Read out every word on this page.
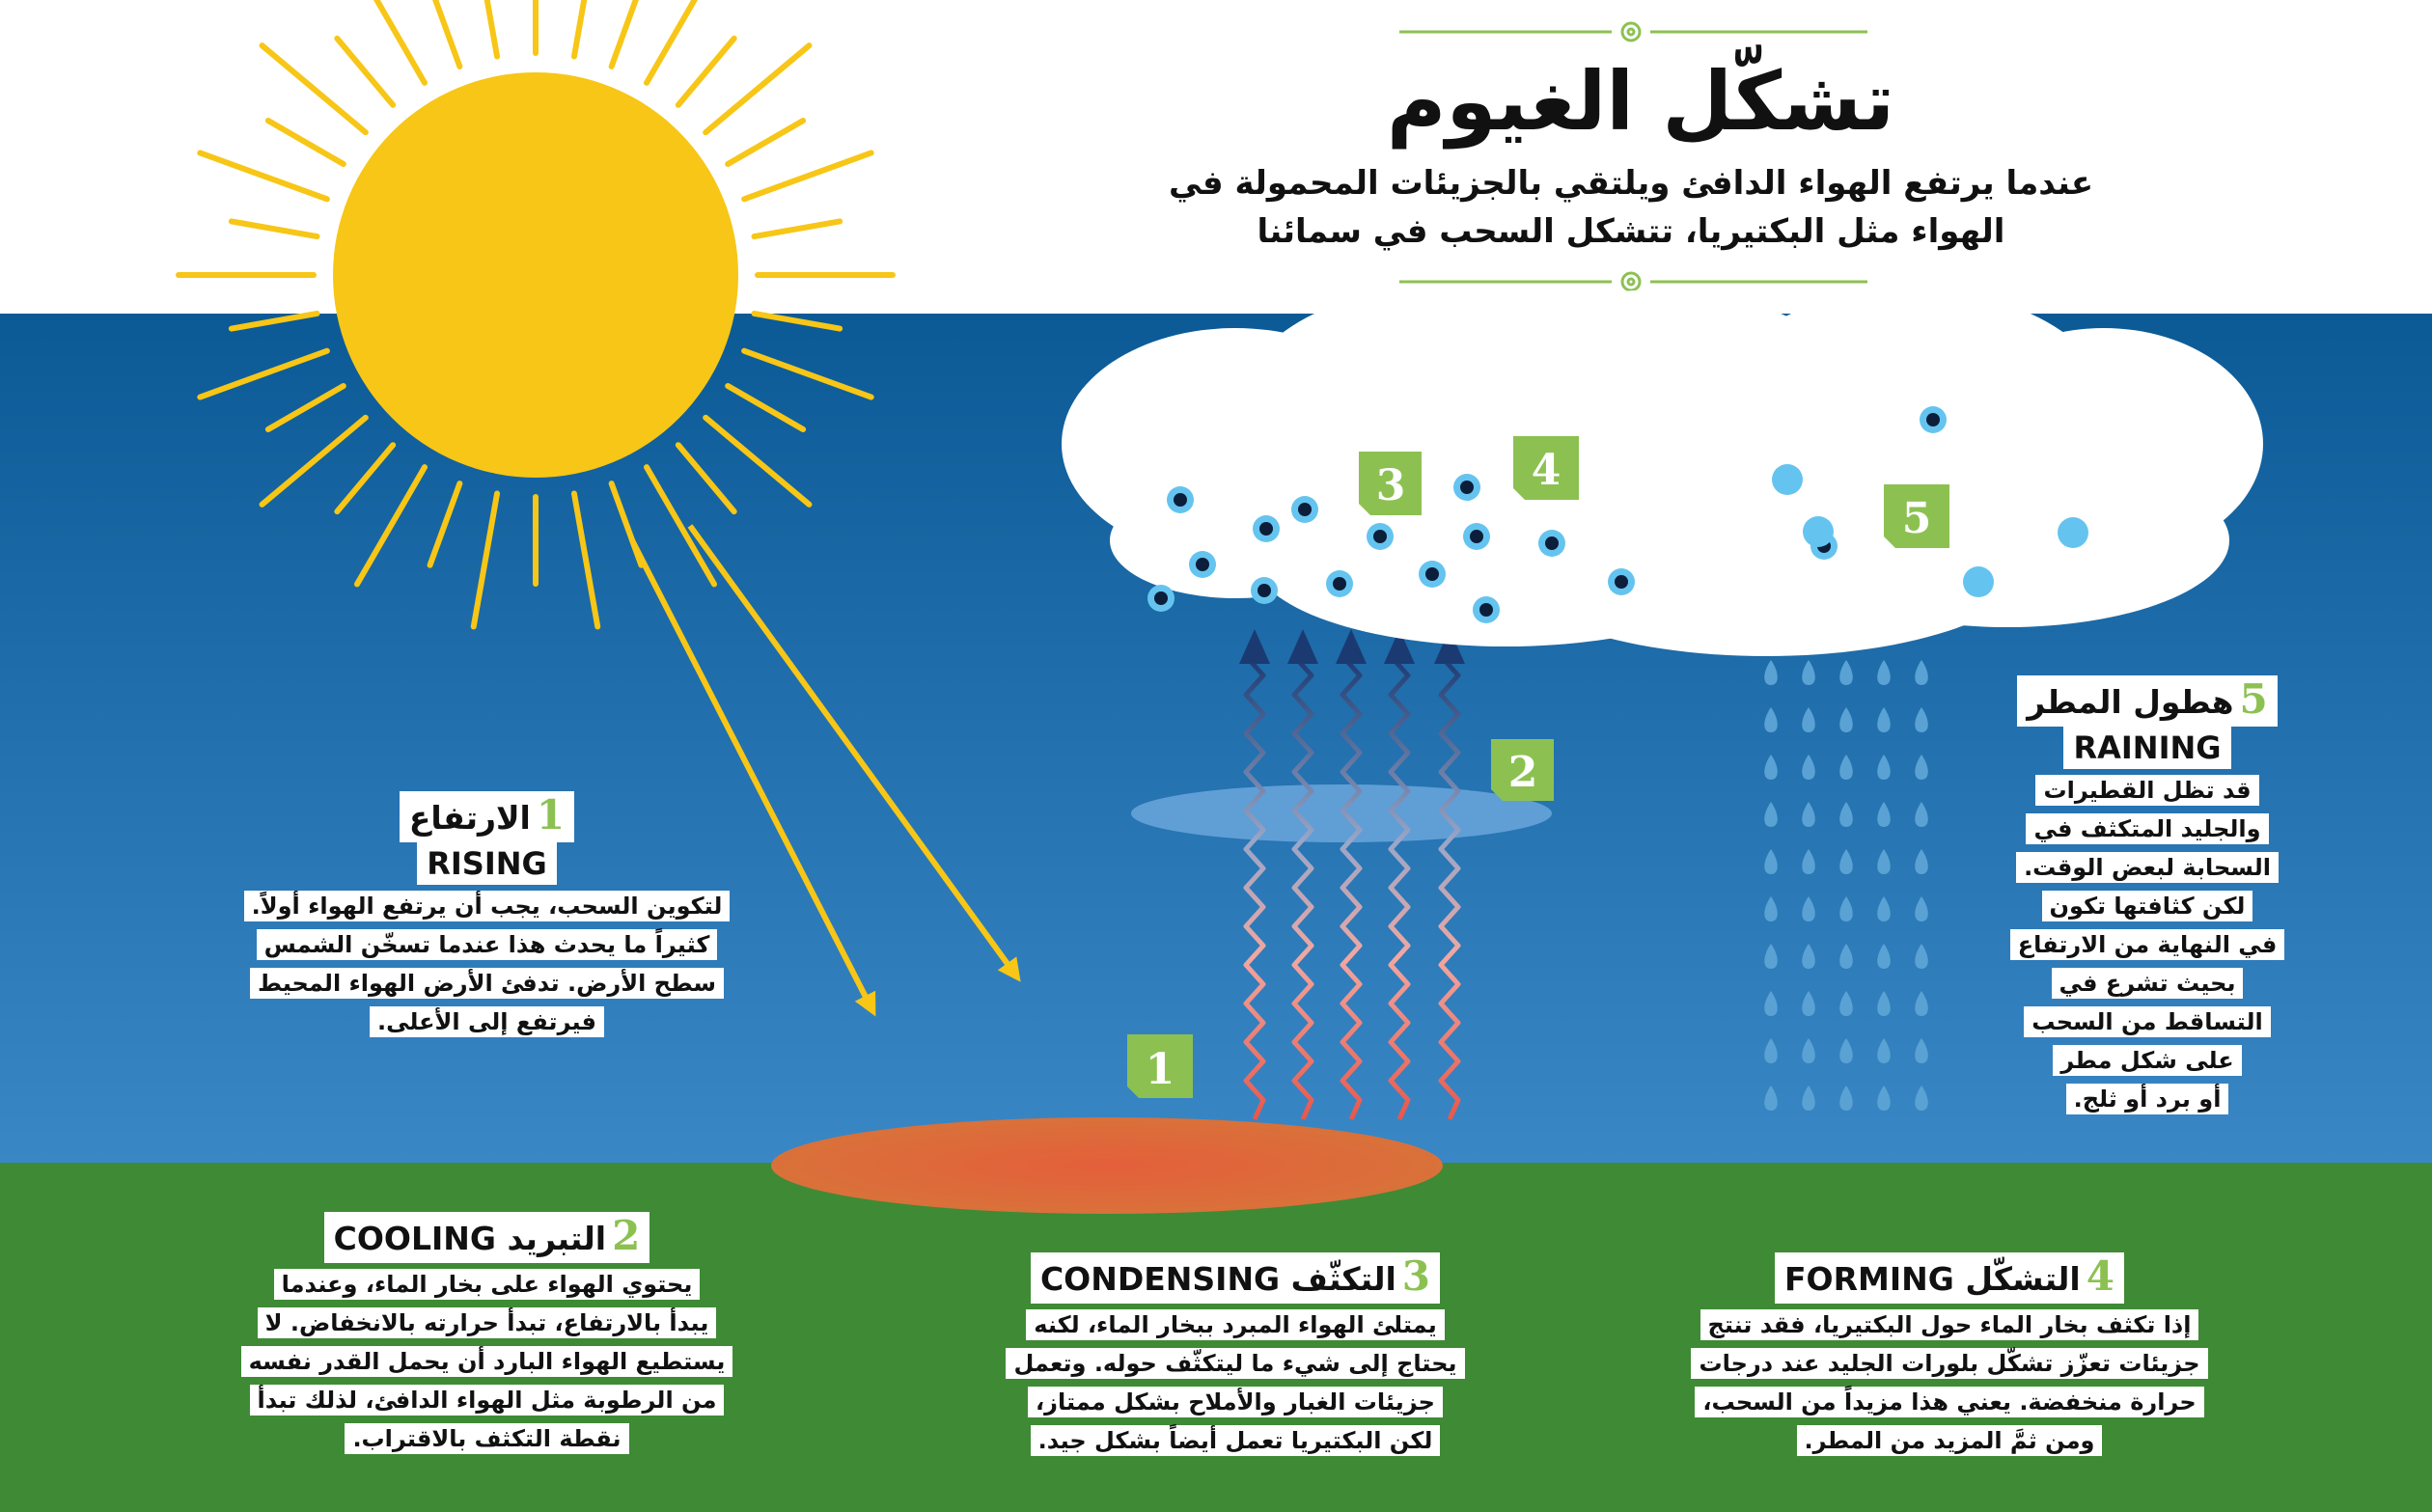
1
2
3	4
5
تشكّل الغيوم
عندما يرتفع الهواء الدافئ ويلتقي بالجزيئات المحمولة في الهواء مثل البكتيريا، تتشكل السحب في سمائنا
1الارتفاع
RISING
لتكوين السحب، يجب أن يرتفع الهواء أولاً.
كثيراً ما يحدث هذا عندما تسخّن الشمس
سطح الأرض. تدفئ الأرض الهواء المحيط
فيرتفع إلى الأعلى.
2التبريد COOLING
يحتوي الهواء على بخار الماء، وعندما
يبدأ بالارتفاع، تبدأ حرارته بالانخفاض. لا
يستطيع الهواء البارد أن يحمل القدر نفسه
من الرطوبة مثل الهواء الدافئ، لذلك تبدأ
نقطة التكثف بالاقتراب.
3التكثّف CONDENSING
يمتلئ الهواء المبرد ببخار الماء، لكنه
يحتاج إلى شيء ما ليتكثّف حوله. وتعمل
جزيئات الغبار والأملاح بشكل ممتاز،
لكن البكتيريا تعمل أيضاً بشكل جيد.
4التشكّل FORMING
إذا تكثف بخار الماء حول البكتيريا، فقد تنتج
جزيئات تعزّز تشكّل بلورات الجليد عند درجات
حرارة منخفضة. يعني هذا مزيداً من السحب،
ومن ثمَّ المزيد من المطر.
5هطول المطر
RAINING
قد تظل القطيرات
والجليد المتكثف في
السحابة لبعض الوقت.
لكن كثافتها تكون
في النهاية من الارتفاع
بحيث تشرع في
التساقط من السحب
على شكل مطر
أو برد أو ثلج.
